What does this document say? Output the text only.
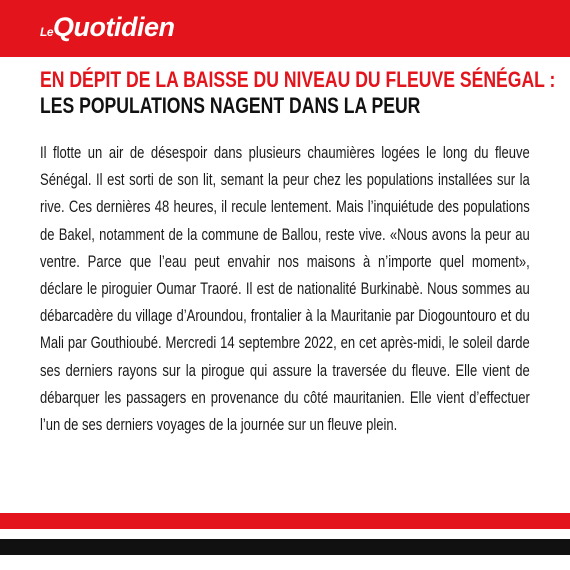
LeQuotidien
EN DÉPIT DE LA BAISSE DU NIVEAU DU FLEUVE SÉNÉGAL :
LES POPULATIONS NAGENT DANS LA PEUR
Il flotte un air de désespoir dans plusieurs chaumières logées le long du fleuve Sénégal. Il est sorti de son lit, semant la peur chez les populations installées sur la rive. Ces dernières 48 heures, il recule lentement. Mais l’inquiétude des populations de Bakel, notamment de la commune de Ballou, reste vive. «Nous avons la peur au ventre. Parce que l’eau peut envahir nos maisons à n’importe quel moment», déclare le piroguier Oumar Traoré. Il est de nationalité Burkinabè. Nous sommes au débarcadère du village d’Aroundou, frontalier à la Mauritanie par Diogountouro et du Mali par Gouthioubé. Mercredi 14 septembre 2022, en cet après-midi, le soleil darde ses derniers rayons sur la pirogue qui assure la traversée du fleuve. Elle vient de débarquer les passagers en provenance du côté mauritanien. Elle vient d’effectuer l’un de ses derniers voyages de la journée sur un fleuve plein.
